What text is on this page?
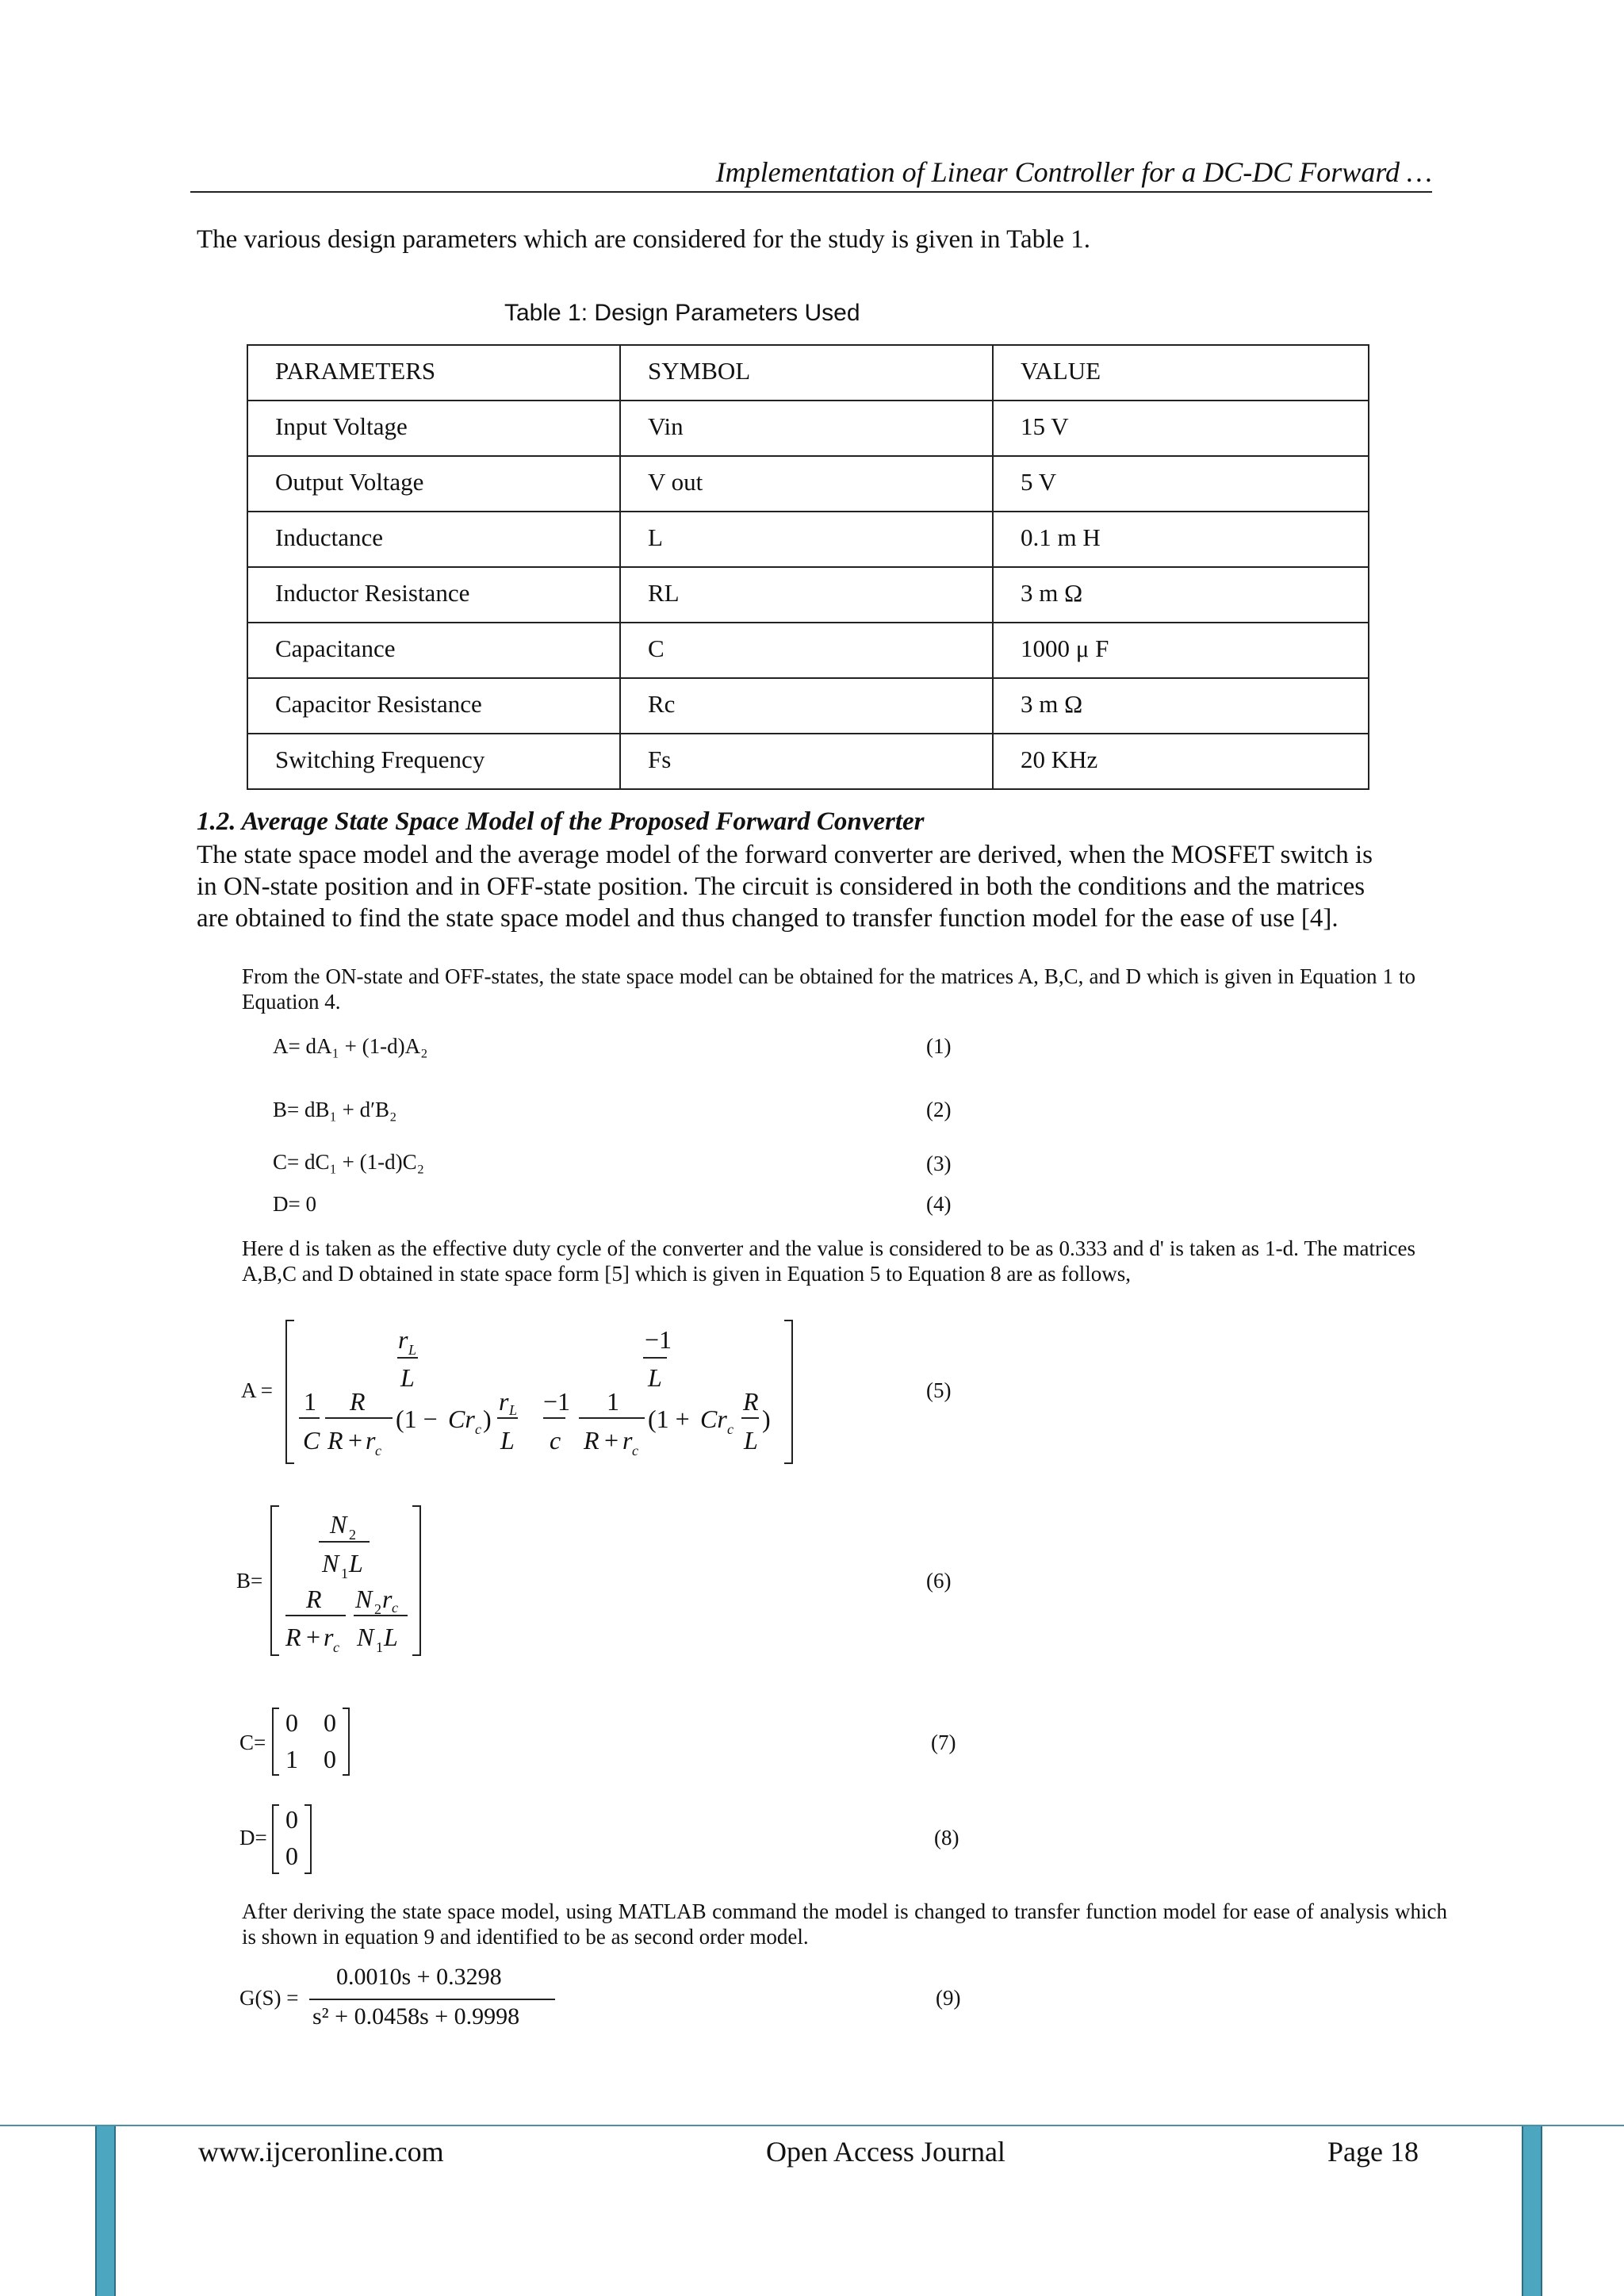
Implementation of Linear Controller for a DC-DC Forward …
The various design parameters which are considered for the study is given in Table 1.
Table 1: Design Parameters Used
PARAMETERS	SYMBOL	VALUE
Input Voltage	Vin	15 V
Output Voltage	V out	5 V
Inductance	L	0.1 m H
Inductor Resistance	RL	3 m Ω
Capacitance	C	1000 μ F
Capacitor Resistance	Rc	3 m Ω
Switching Frequency	Fs	20 KHz
1.2. Average State Space Model of the Proposed Forward Converter
The state space model and the average model of the forward converter are derived, when the MOSFET switch is
in ON-state position and in OFF-state position. The circuit is considered in both the conditions and the matrices
are obtained to find the state space model and thus changed to transfer function model for the ease of use [4].
From the ON-state and OFF-states, the state space model can be obtained for the matrices A, B,C, and D which is given in Equation 1 to Equation 4.
A= dA₁ + (1-d)A₂	(1)
B= dB₁ + d′B₂	(2)
C= dC₁ + (1-d)C₂	(3)
D= 0	(4)
Here d is taken as the effective duty cycle of the converter and the value is considered to be as 0.333 and d' is taken as 1-d. The matrices A,B,C and D obtained in state space form [5] which is given in Equation 5 to Equation 8 are as follows,
A =
r L
L
−1
L
1
C
R
R + r c
(1 − Cr c )
r L
L
−1
c
1
R + r c
(1 + Cr c
R
L
)
(5)
B=
N 2
N 1 L
R N 2 r c
R + r c N 1 L
(6)
C=
0 0
1 0
(7)
D=
0
0
(8)
After deriving the state space model, using MATLAB command the model is changed to transfer function model for ease of analysis which is shown in equation 9 and identified to be as second order model.
G(S) =
0.0010s + 0.3298
s² + 0.0458s + 0.9998
(9)
www.ijceronline.com	Open Access Journal	Page 18
